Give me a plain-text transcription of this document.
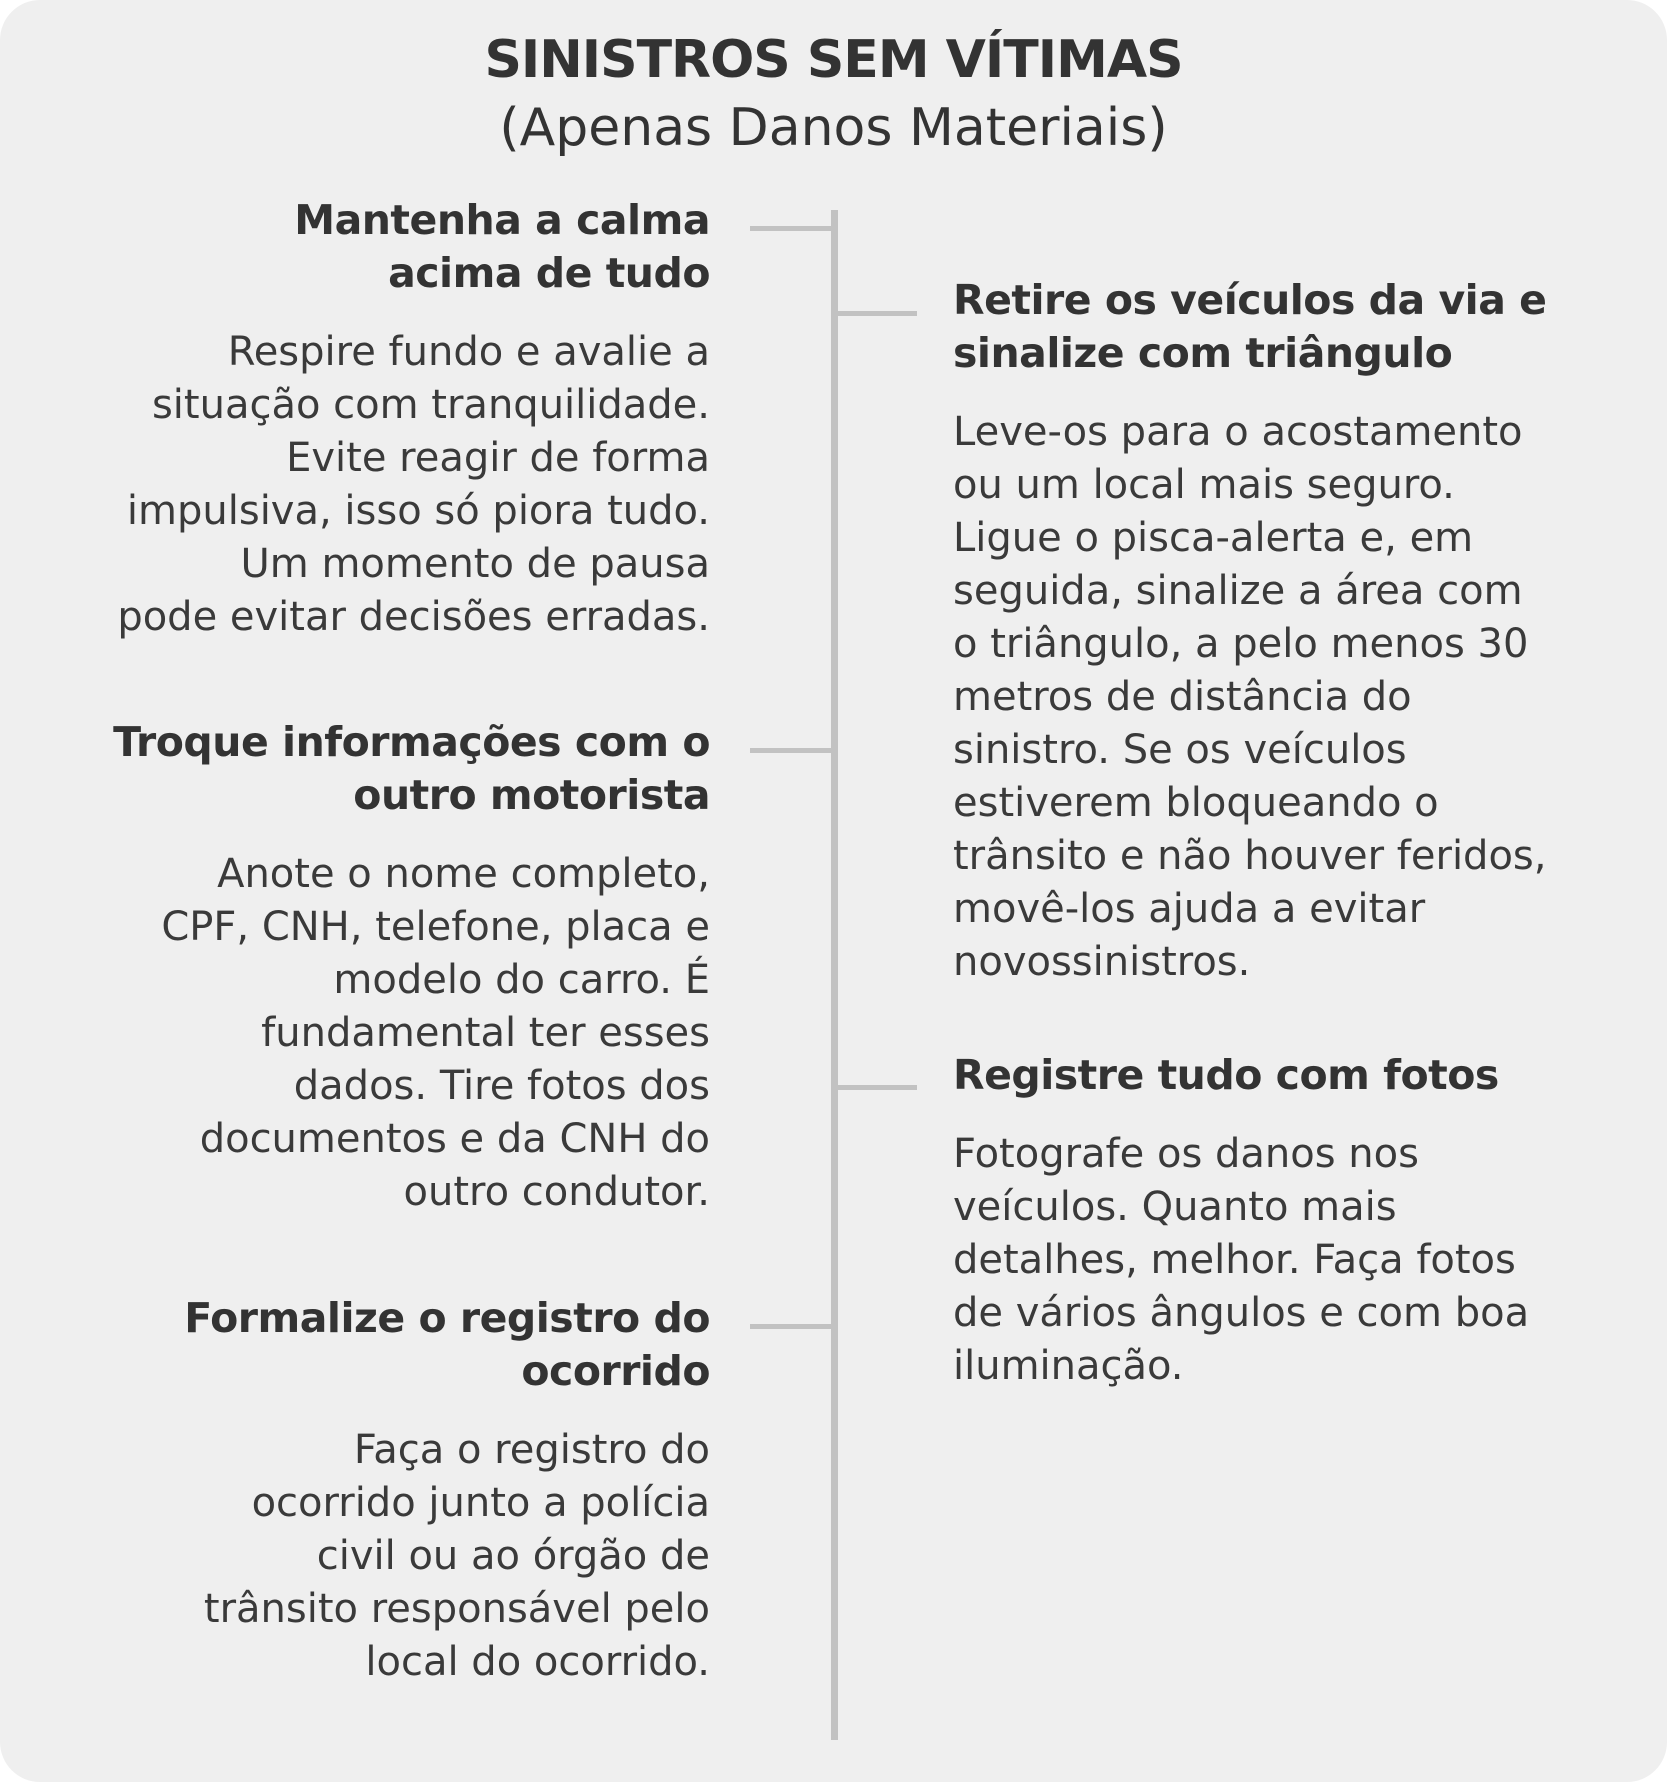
SINISTROS SEM VÍTIMAS
(Apenas Danos Materiais)
Mantenha a calma
acima de tudo
Respire fundo e avalie a
situação com tranquilidade.
Evite reagir de forma
impulsiva, isso só piora tudo.
Um momento de pausa
pode evitar decisões erradas.
Troque informações com o
outro motorista
Anote o nome completo,
CPF, CNH, telefone, placa e
modelo do carro. É
fundamental ter esses
dados. Tire fotos dos
documentos e da CNH do
outro condutor.
Formalize o registro do
ocorrido
Faça o registro do
ocorrido junto a polícia
civil ou ao órgão de
trânsito responsável pelo
local do ocorrido.
Retire os veículos da via e
sinalize com triângulo
Leve-os para o acostamento
ou um local mais seguro.
Ligue o pisca-alerta e, em
seguida, sinalize a área com
o triângulo, a pelo menos 30
metros de distância do
sinistro. Se os veículos
estiverem bloqueando o
trânsito e não houver feridos,
movê-los ajuda a evitar
novossinistros.
Registre tudo com fotos
Fotografe os danos nos
veículos. Quanto mais
detalhes, melhor. Faça fotos
de vários ângulos e com boa
iluminação.
